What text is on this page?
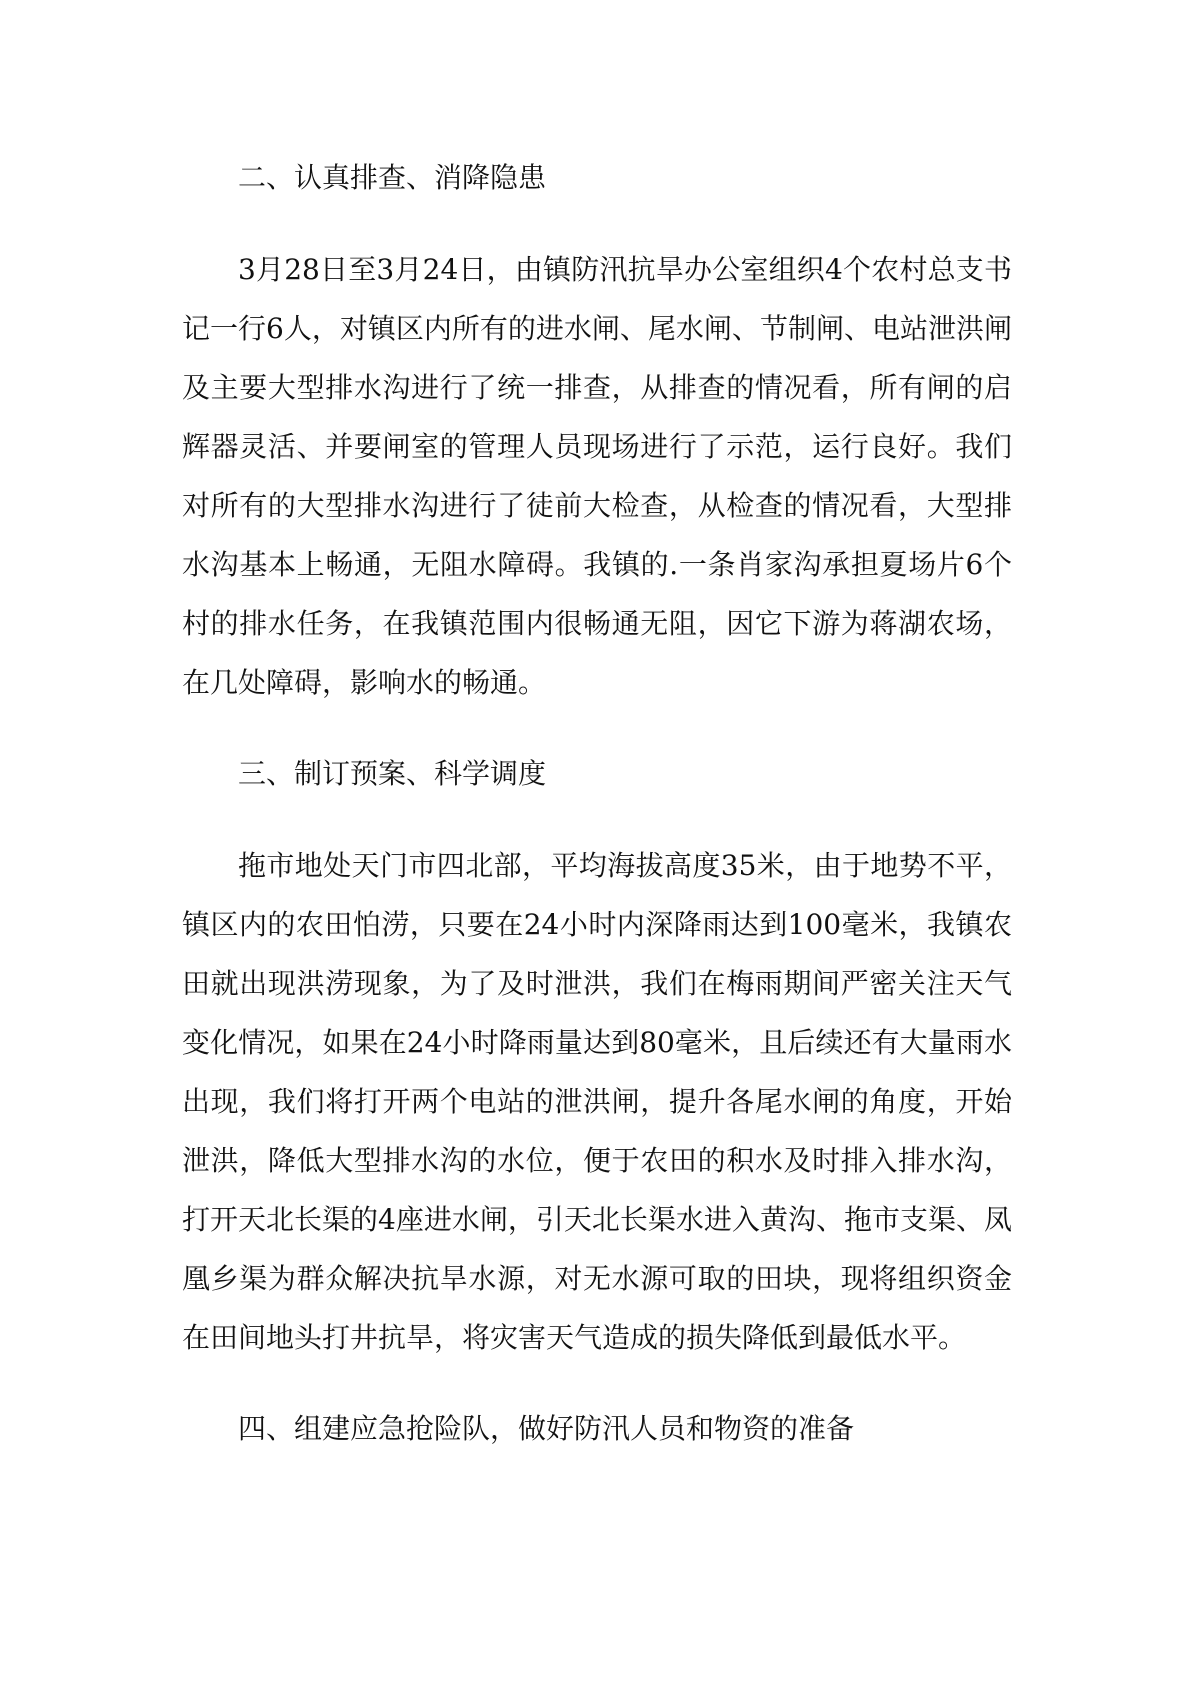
二、认真排查、消降隐患
3月28日至3月24日，由镇防汛抗旱办公室组织4个农村总支书记一行6人，对镇区内所有的进水闸、尾水闸、节制闸、电站泄洪闸及主要大型排水沟进行了统一排查，从排查的情况看，所有闸的启辉器灵活、并要闸室的管理人员现场进行了示范，运行良好。我们对所有的大型排水沟进行了徒前大检查，从检查的情况看，大型排水沟基本上畅通，无阻水障碍。我镇的.一条肖家沟承担夏场片6个村的排水任务，在我镇范围内很畅通无阻，因它下游为蒋湖农场，在几处障碍，影响水的畅通。
三、制订预案、科学调度
拖市地处天门市四北部，平均海拔高度35米，由于地势不平，镇区内的农田怕涝，只要在24小时内深降雨达到100毫米，我镇农田就出现洪涝现象，为了及时泄洪，我们在梅雨期间严密关注天气变化情况，如果在24小时降雨量达到80毫米，且后续还有大量雨水出现，我们将打开两个电站的泄洪闸，提升各尾水闸的角度，开始泄洪，降低大型排水沟的水位，便于农田的积水及时排入排水沟，打开天北长渠的4座进水闸，引天北长渠水进入黄沟、拖市支渠、凤凰乡渠为群众解决抗旱水源，对无水源可取的田块，现将组织资金在田间地头打井抗旱，将灾害天气造成的损失降低到最低水平。
四、组建应急抢险队，做好防汛人员和物资的准备
